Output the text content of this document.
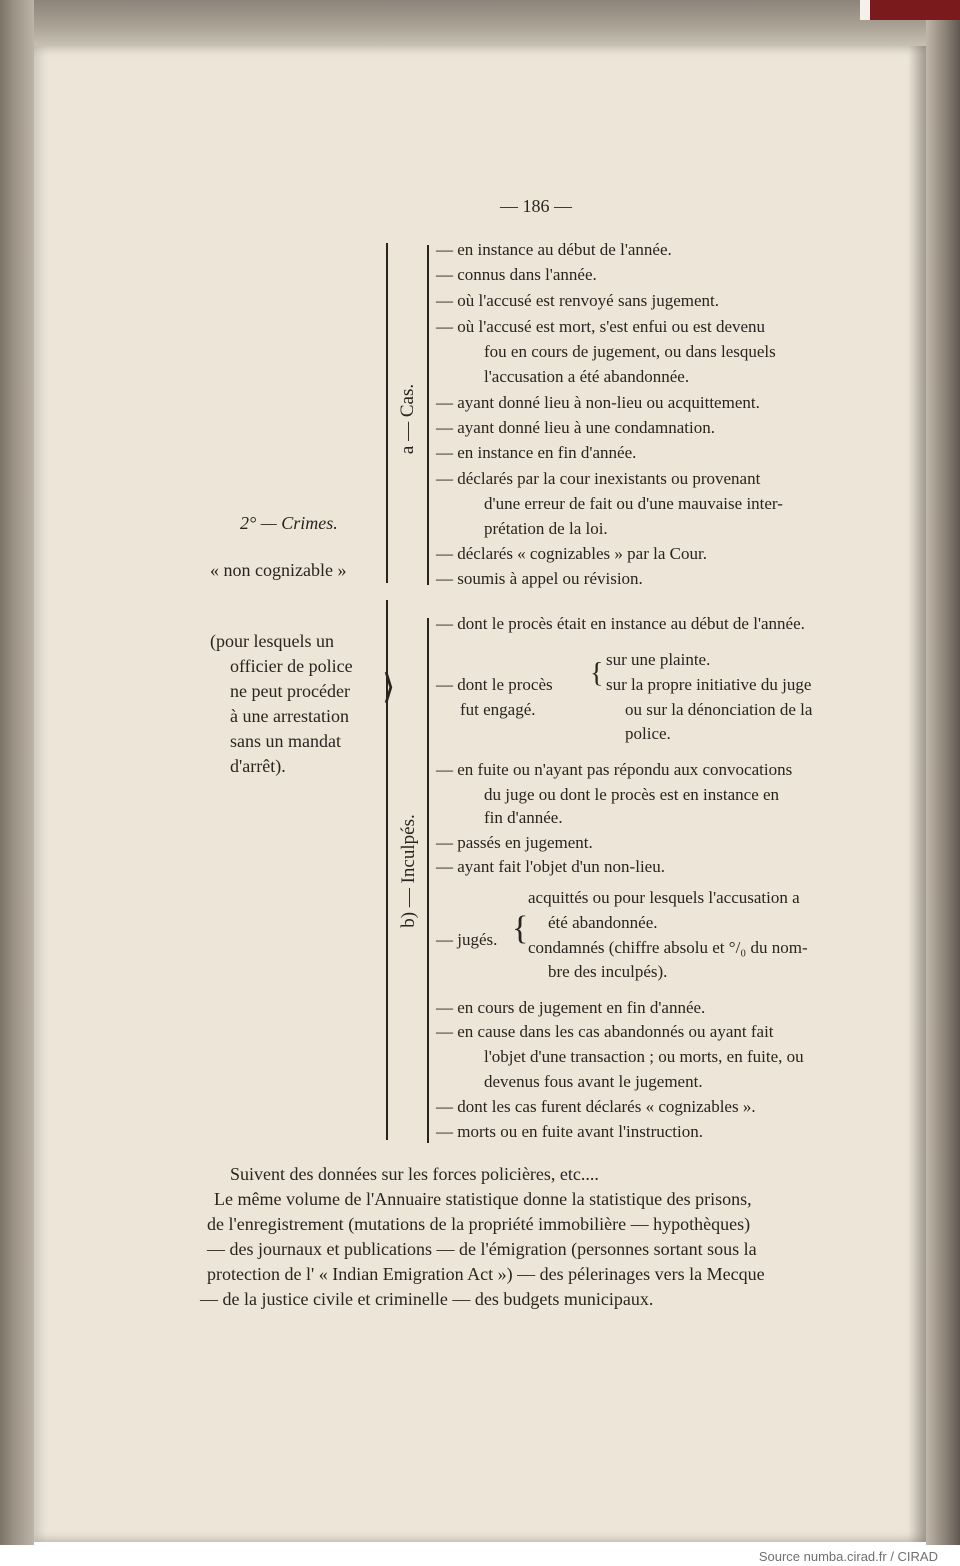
— 186 —
2° — Crimes.
« non cognizable »
(pour lesquels un
officier de police
ne peut procéder
à une arrestation
sans un mandat
d'arrêt).
⟩
a — Cas.
— en instance au début de l'année.
— connus dans l'année.
— où l'accusé est renvoyé sans jugement.
— où l'accusé est mort, s'est enfui ou est devenu
fou en cours de jugement, ou dans lesquels
l'accusation a été abandonnée.
— ayant donné lieu à non-lieu ou acquittement.
— ayant donné lieu à une condamnation.
— en instance en fin d'année.
— déclarés par la cour inexistants ou provenant
d'une erreur de fait ou d'une mauvaise inter-
prétation de la loi.
— déclarés « cognizables » par la Cour.
— soumis à appel ou révision.
b) — Inculpés.
— dont le procès était en instance au début de l'année.
— dont le procès
fut engagé.
{ sur une plainte.
sur la propre initiative du juge
ou sur la dénonciation de la
police.
— en fuite ou n'ayant pas répondu aux convocations
du juge ou dont le procès est en instance en
fin d'année.
— passés en jugement.
— ayant fait l'objet d'un non-lieu.
— jugés. {
acquittés ou pour lesquels l'accusation a
été abandonnée.
condamnés (chiffre absolu et °/₀ du nom-
bre des inculpés).
— en cours de jugement en fin d'année.
— en cause dans les cas abandonnés ou ayant fait
l'objet d'une transaction ; ou morts, en fuite, ou
devenus fous avant le jugement.
— dont les cas furent déclarés « cognizables ».
— morts ou en fuite avant l'instruction.
Suivent des données sur les forces policières, etc....
Le même volume de l'Annuaire statistique donne la statistique des prisons,
de l'enregistrement (mutations de la propriété immobilière — hypothèques)
— des journaux et publications — de l'émigration (personnes sortant sous la
protection de l' « Indian Emigration Act ») — des pélerinages vers la Mecque
— de la justice civile et criminelle — des budgets municipaux.
Source numba.cirad.fr / CIRAD
